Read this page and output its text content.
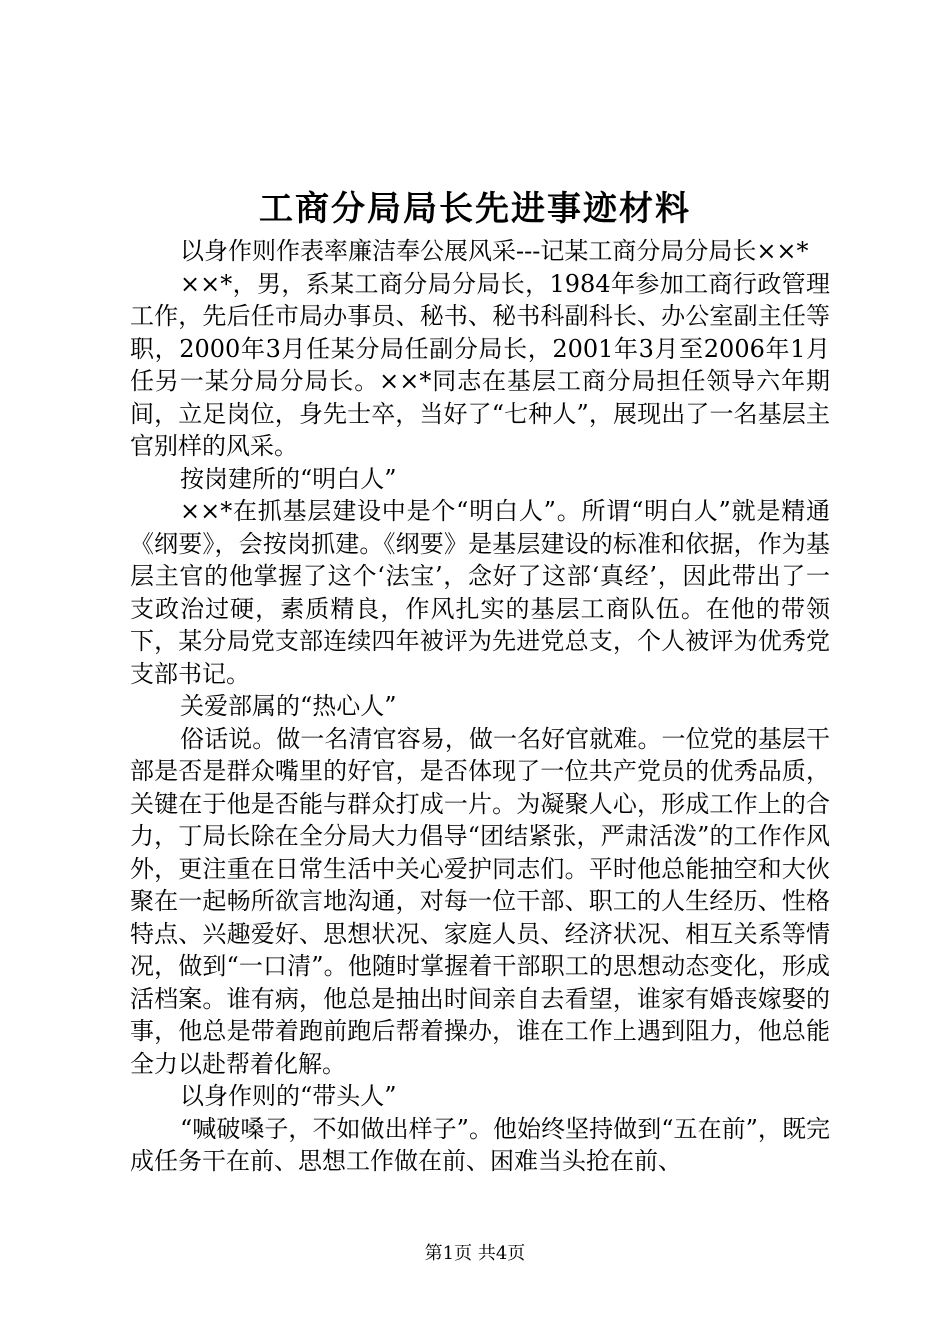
工商分局局长先进事迹材料

以身作则作表率廉洁奉公展风采---记某工商分局分局长××*

××*，男，系某工商分局分局长，1984年参加工商行政管理工作，先后任市局办事员、秘书、秘书科副科长、办公室副主任等职，2000年3月任某分局任副分局长，2001年3月至2006年1月任另一某分局分局长。××*同志在基层工商分局担任领导六年期间，立足岗位，身先士卒，当好了“七种人”，展现出了一名基层主官别样的风采。

按岗建所的“明白人”

××*在抓基层建设中是个“明白人”。所谓“明白人”就是精通《纲要》，会按岗抓建。《纲要》是基层建设的标准和依据，作为基层主官的他掌握了这个‘法宝’，念好了这部‘真经’，因此带出了一支政治过硬，素质精良，作风扎实的基层工商队伍。在他的带领下，某分局党支部连续四年被评为先进党总支，个人被评为优秀党支部书记。

关爱部属的“热心人”

俗话说。做一名清官容易，做一名好官就难。一位党的基层干部是否是群众嘴里的好官，是否体现了一位共产党员的优秀品质，关键在于他是否能与群众打成一片。为凝聚人心，形成工作上的合力，丁局长除在全分局大力倡导“团结紧张，严肃活泼”的工作作风外，更注重在日常生活中关心爱护同志们。平时他总能抽空和大伙聚在一起畅所欲言地沟通，对每一位干部、职工的人生经历、性格特点、兴趣爱好、思想状况、家庭人员、经济状况、相互关系等情况，做到“一口清”。他随时掌握着干部职工的思想动态变化，形成活档案。谁有病，他总是抽出时间亲自去看望，谁家有婚丧嫁娶的事，他总是带着跑前跑后帮着操办，谁在工作上遇到阻力，他总能全力以赴帮着化解。

以身作则的“带头人”

“喊破嗓子，不如做出样子”。他始终坚持做到“五在前”，既完成任务干在前、思想工作做在前、困难当头抢在前、

第1页 共4页
